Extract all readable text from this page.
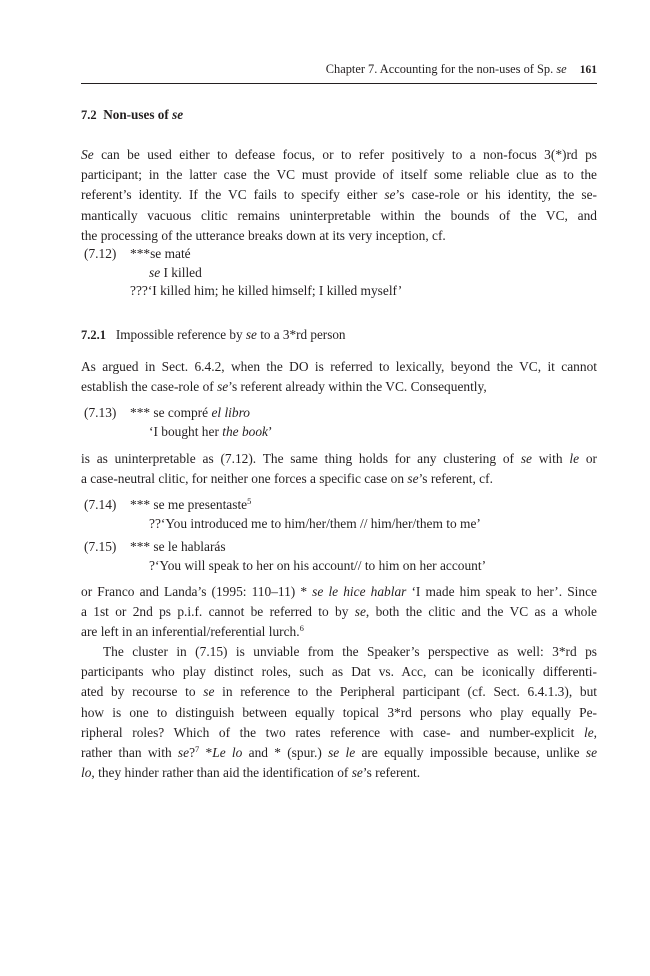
Chapter 7. Accounting for the non-uses of Sp. se 161
7.2 Non-uses of se
Se can be used either to defease focus, or to refer positively to a non-focus 3(*)rd ps
participant; in the latter case the VC must provide of itself some reliable clue as to the
referent’s identity. If the VC fails to specify either se’s case-role or his identity, the se-
mantically vacuous clitic remains uninterpretable within the bounds of the VC, and
the processing of the utterance breaks down at its very inception, cf.
(7.12) ***se maté
se I killed
???‘I killed him; he killed himself; I killed myself’
7.2.1 Impossible reference by se to a 3*rd person
As argued in Sect. 6.4.2, when the DO is referred to lexically, beyond the VC, it cannot
establish the case-role of se’s referent already within the VC. Consequently,
(7.13) *** se compré el libro
‘I bought her the book’
is as uninterpretable as (7.12). The same thing holds for any clustering of se with le or
a case-neutral clitic, for neither one forces a specific case on se’s referent, cf.
(7.14) *** se me presentaste$^5$
??‘You introduced me to him/her/them // him/her/them to me’
(7.15) *** se le hablarás
?‘You will speak to her on his account// to him on her account’
or Franco and Landa’s (1995: 110–11) * se le hice hablar ‘I made him speak to her’. Since
a 1st or 2nd ps p.i.f. cannot be referred to by se, both the clitic and the VC as a whole
are left in an inferential/referential lurch.$^6$
The cluster in (7.15) is unviable from the Speaker’s perspective as well: 3*rd ps
participants who play distinct roles, such as Dat vs. Acc, can be iconically differenti-
ated by recourse to se in reference to the Peripheral participant (cf. Sect. 6.4.1.3), but
how is one to distinguish between equally topical 3*rd persons who play equally Pe-
ripheral roles? Which of the two rates reference with case- and number-explicit le,
rather than with se?$^7$ *Le lo and * (spur.) se le are equally impossible because, unlike se
lo, they hinder rather than aid the identification of se’s referent.
